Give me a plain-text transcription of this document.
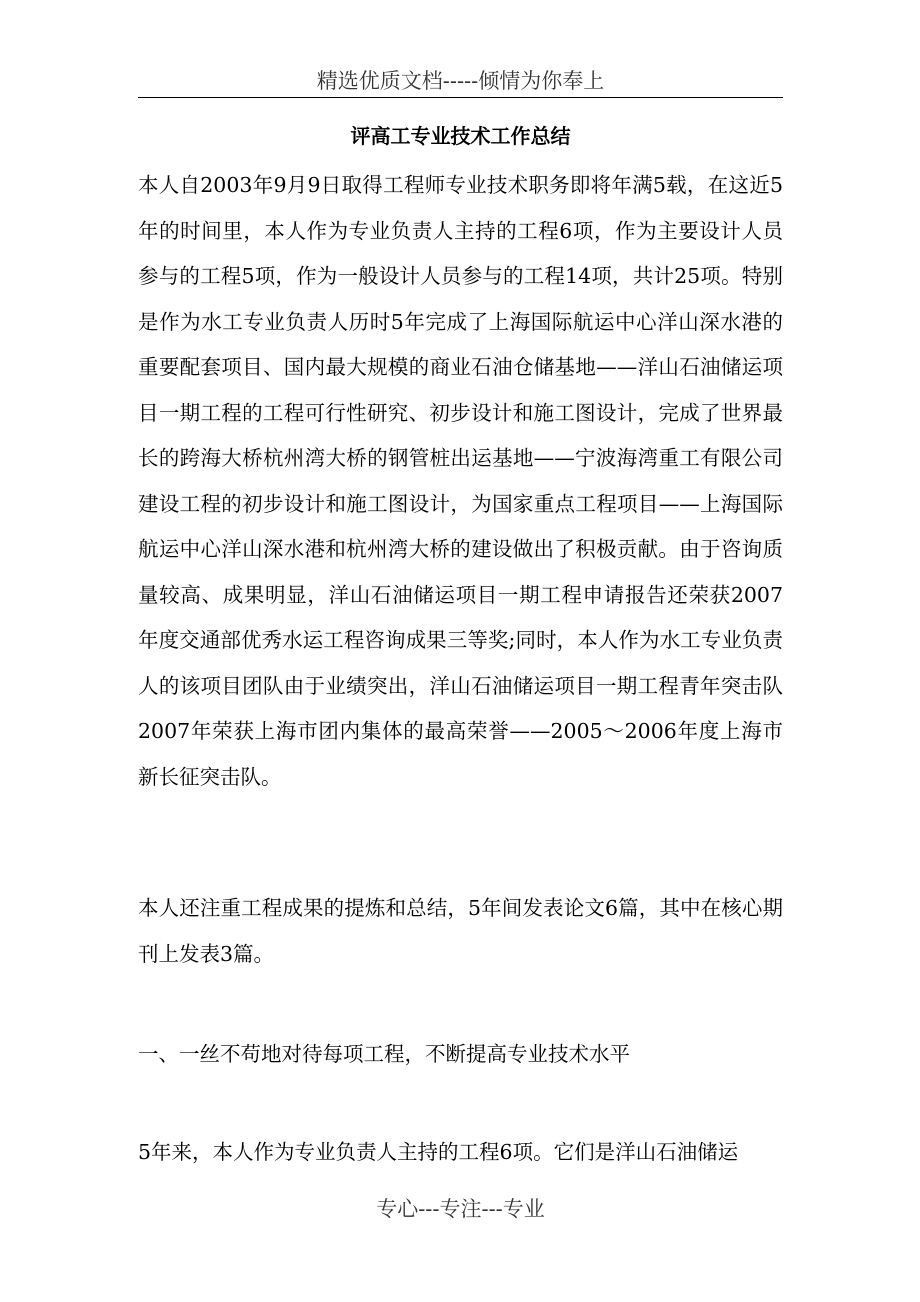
精选优质文档-----倾情为你奉上
评高工专业技术工作总结

本人自2003年9月9日取得工程师专业技术职务即将年满5载，在这近5年的时间里，本人作为专业负责人主持的工程6项，作为主要设计人员参与的工程5项，作为一般设计人员参与的工程14项，共计25项。特别是作为水工专业负责人历时5年完成了上海国际航运中心洋山深水港的重要配套项目、国内最大规模的商业石油仓储基地——洋山石油储运项目一期工程的工程可行性研究、初步设计和施工图设计，完成了世界最长的跨海大桥杭州湾大桥的钢管桩出运基地——宁波海湾重工有限公司建设工程的初步设计和施工图设计，为国家重点工程项目——上海国际航运中心洋山深水港和杭州湾大桥的建设做出了积极贡献。由于咨询质量较高、成果明显，洋山石油储运项目一期工程申请报告还荣获2007年度交通部优秀水运工程咨询成果三等奖;同时，本人作为水工专业负责人的该项目团队由于业绩突出，洋山石油储运项目一期工程青年突击队2007年荣获上海市团内集体的最高荣誉——2005～2006年度上海市新长征突击队。

本人还注重工程成果的提炼和总结，5年间发表论文6篇，其中在核心期刊上发表3篇。

一、一丝不苟地对待每项工程，不断提高专业技术水平

5年来，本人作为专业负责人主持的工程6项。它们是洋山石油储运

专心---专注---专业
